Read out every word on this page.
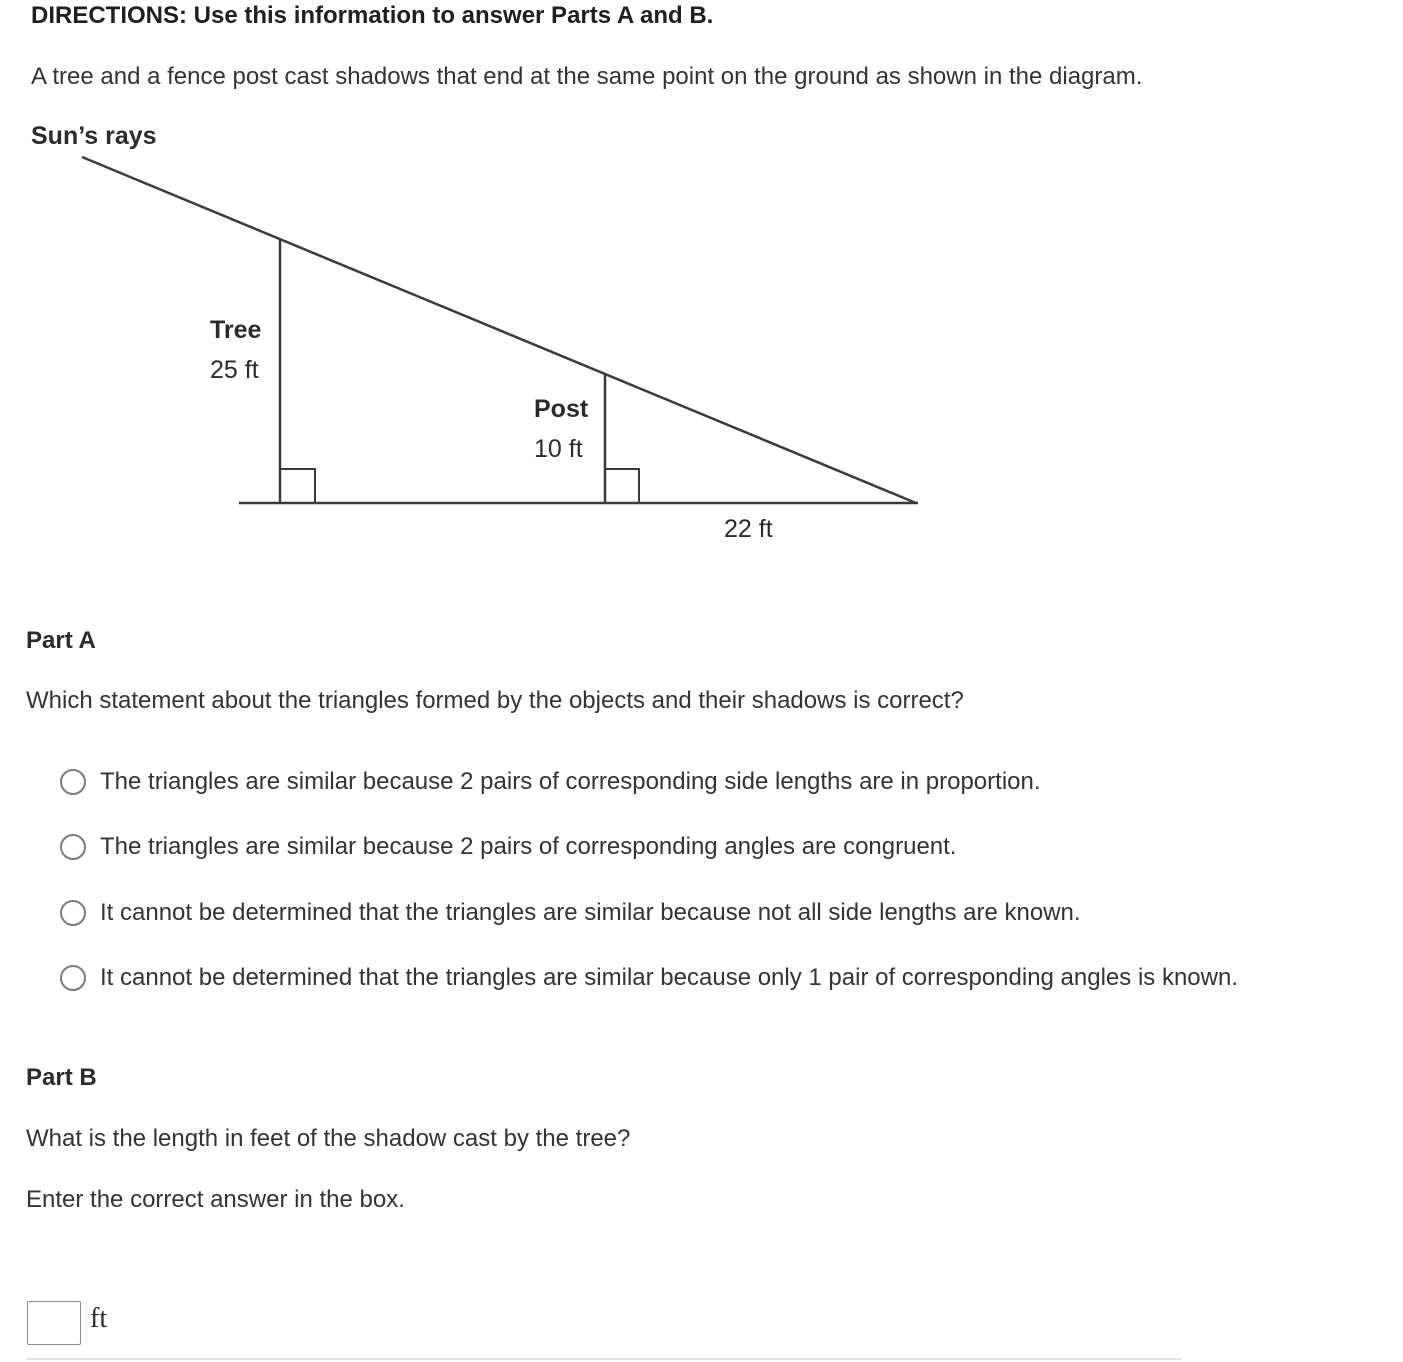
DIRECTIONS: Use this information to answer Parts A and B.
A tree and a fence post cast shadows that end at the same point on the ground as shown in the diagram.
Sun’s rays
Tree
25 ft
Post
10 ft
22 ft
Part A
Which statement about the triangles formed by the objects and their shadows is correct?
The triangles are similar because 2 pairs of corresponding side lengths are in proportion.
The triangles are similar because 2 pairs of corresponding angles are congruent.
It cannot be determined that the triangles are similar because not all side lengths are known.
It cannot be determined that the triangles are similar because only 1 pair of corresponding angles is known.
Part B
What is the length in feet of the shadow cast by the tree?
Enter the correct answer in the box.
ft
